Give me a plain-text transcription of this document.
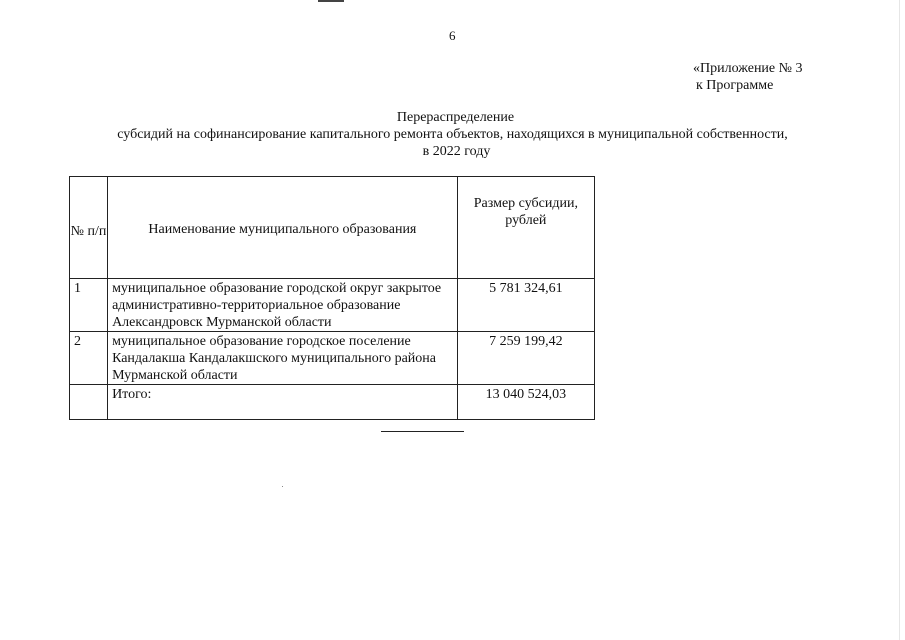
6
«Приложение № 3
к Программе
Перераспределение
субсидий на софинансирование капитального ремонта объектов, находящихся в муниципальной собственности,
в 2022 году
№ п/п	Наименование муниципального образования	Размер субсидии, рублей
1	муниципальное образование городской округ закрытое административно-территориальное образование Александровск Мурманской области	5 781 324,61
2	муниципальное образование городское поселение Кандалакша Кандалакшского муниципального района Мурманской области	7 259 199,42
	Итого:	13 040 524,03
